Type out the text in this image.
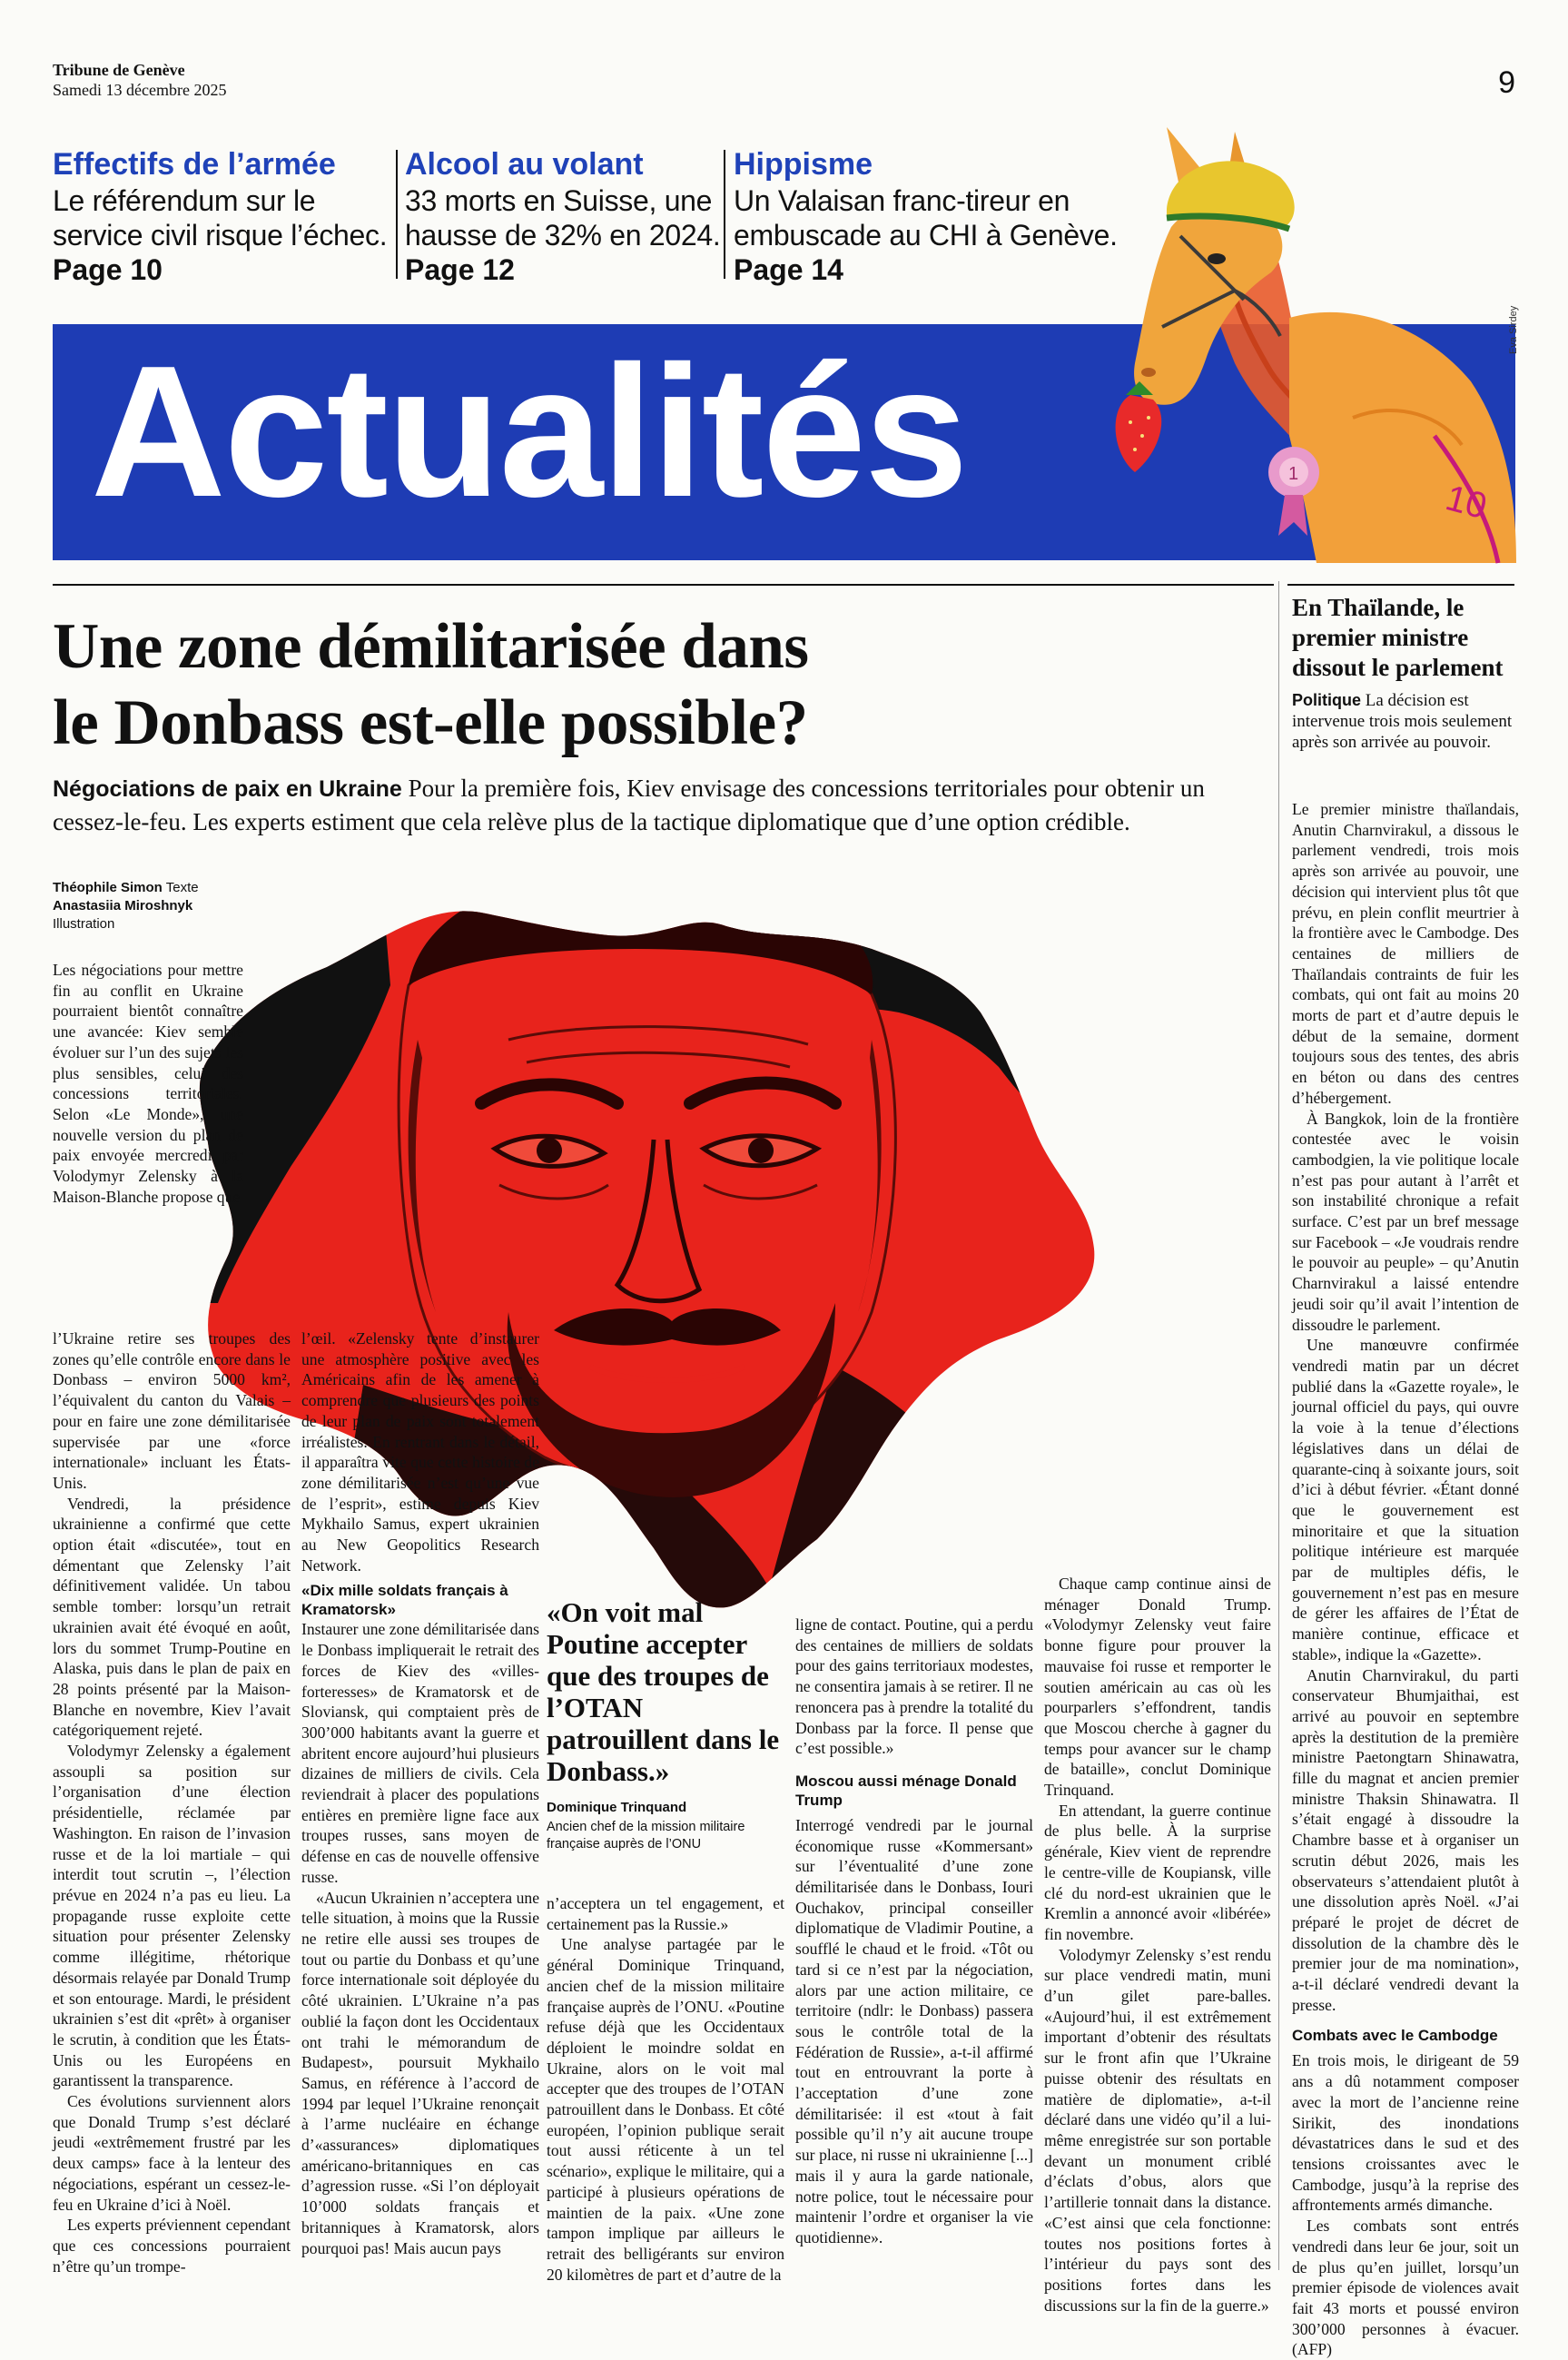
Tribune de Genève
Samedi 13 décembre 2025	9
Effectifs de l’armée
Le référendum sur le service civil risque l’échec.
Page 10
Alcool au volant
33 morts en Suisse, une hausse de 32% en 2024.
Page 12
Hippisme
Un Valaisan franc-tireur en embuscade au CHI à Genève.
Page 14
Actualités	1
10
Eva Sirdey
Une zone démilitarisée dans
le Donbass est-elle possible?
Négociations de paix en Ukraine Pour la première fois, Kiev envisage des concessions territoriales pour obtenir un cessez-le-feu. Les experts estiment que cela relève plus de la tactique diplomatique que d’une option crédible.
Théophile Simon Texte
Anastasiia Miroshnyk
Illustration

Les négociations pour mettre fin au conflit en Ukraine pourraient bientôt connaître une avancée: Kiev semble évoluer sur l’un des sujets les plus sensibles, celui des concessions territoriales. Selon «Le Monde», une nouvelle version du plan de paix envoyée mercredi par Volodymyr Zelensky à la Maison-Blanche propose que

l’Ukraine retire ses troupes des zones qu’elle contrôle encore dans le Donbass – environ 5000 km², l’équivalent du canton du Valais – pour en faire une zone démilitarisée supervisée par une «force internationale» incluant les États-Unis.

Vendredi, la présidence ukrainienne a confirmé que cette option était «discutée», tout en démentant que Zelensky l’ait définitivement validée. Un tabou semble tomber: lorsqu’un retrait ukrainien avait été évoqué en août, lors du sommet Trump-Poutine en Alaska, puis dans le plan de paix en 28 points présenté par la Maison-Blanche en novembre, Kiev l’avait catégoriquement rejeté.

Volodymyr Zelensky a également assoupli sa position sur l’organisation d’une élection présidentielle, réclamée par Washington. En raison de l’invasion russe et de la loi martiale – qui interdit tout scrutin –, l’élection prévue en 2024 n’a pas eu lieu. La propagande russe exploite cette situation pour présenter Zelensky comme illégitime, rhétorique désormais relayée par Donald Trump et son entourage. Mardi, le président ukrainien s’est dit «prêt» à organiser le scrutin, à condition que les États-Unis ou les Européens en garantissent la transparence.

Ces évolutions surviennent alors que Donald Trump s’est déclaré jeudi «extrêmement frustré par les deux camps» face à la lenteur des négociations, espérant un cessez-le-feu en Ukraine d’ici à Noël.

Les experts préviennent cependant que ces concessions pourraient n’être qu’un trompe-

l’œil. «Zelensky tente d’instaurer une atmosphère positive avec les Américains afin de les amener à comprendre que plusieurs des points de leur plan de paix sont totalement irréalistes. En rentrant dans le détail, il apparaîtra vite que cette histoire de zone démilitarisée n’est qu’une vue de l’esprit», estime depuis Kiev Mykhailo Samus, expert ukrainien au New Geopolitics Research Network.

«Dix mille soldats français à Kramatorsk»

Instaurer une zone démilitarisée dans le Donbass impliquerait le retrait des forces de Kiev des «villes-forteresses» de Kramatorsk et de Sloviansk, qui comptaient près de 300’000 habitants avant la guerre et abritent encore aujourd’hui plusieurs dizaines de milliers de civils. Cela reviendrait à placer des populations entières en première ligne face aux troupes russes, sans moyen de défense en cas de nouvelle offensive russe.

«Aucun Ukrainien n’acceptera une telle situation, à moins que la Russie ne retire elle aussi ses troupes de tout ou partie du Donbass et qu’une force internationale soit déployée du côté ukrainien. L’Ukraine n’a pas oublié la façon dont les Occidentaux ont trahi le mémorandum de Budapest», poursuit Mykhailo Samus, en référence à l’accord de 1994 par lequel l’Ukraine renonçait à l’arme nucléaire en échange d’«assurances» diplomatiques américano-britanniques en cas d’agression russe. «Si l’on déployait 10’000 soldats français et britanniques à Kramatorsk, alors pourquoi pas! Mais aucun pays

«On voit mal Poutine accepter que des troupes de l’OTAN patrouillent dans le Donbass.»
Dominique Trinquand
Ancien chef de la mission militaire française auprès de l’ONU

n’acceptera un tel engagement, et certainement pas la Russie.»

Une analyse partagée par le général Dominique Trinquand, ancien chef de la mission militaire française auprès de l’ONU. «Poutine refuse déjà que les Occidentaux déploient le moindre soldat en Ukraine, alors on le voit mal accepter que des troupes de l’OTAN patrouillent dans le Donbass. Et côté européen, l’opinion publique serait tout aussi réticente à un tel scénario», explique le militaire, qui a participé à plusieurs opérations de maintien de la paix. «Une zone tampon implique par ailleurs le retrait des belligérants sur environ 20 kilomètres de part et d’autre de la

ligne de contact. Poutine, qui a perdu des centaines de milliers de soldats pour des gains territoriaux modestes, ne consentira jamais à se retirer. Il ne renoncera pas à prendre la totalité du Donbass par la force. Il pense que c’est possible.»

Moscou aussi ménage Donald Trump

Interrogé vendredi par le journal économique russe «Kommersant» sur l’éventualité d’une zone démilitarisée dans le Donbass, Iouri Ouchakov, principal conseiller diplomatique de Vladimir Poutine, a soufflé le chaud et le froid. «Tôt ou tard si ce n’est par la négociation, alors par une action militaire, ce territoire (ndlr: le Donbass) passera sous le contrôle total de la Fédération de Russie», a-t-il affirmé tout en entrouvrant la porte à l’acceptation d’une zone démilitarisée: il est «tout à fait possible qu’il n’y ait aucune troupe sur place, ni russe ni ukrainienne [...] mais il y aura la garde nationale, notre police, tout le nécessaire pour maintenir l’ordre et organiser la vie quotidienne».

Chaque camp continue ainsi de ménager Donald Trump. «Volodymyr Zelensky veut faire bonne figure pour prouver la mauvaise foi russe et remporter le soutien américain au cas où les pourparlers s’effondrent, tandis que Moscou cherche à gagner du temps pour avancer sur le champ de bataille», conclut Dominique Trinquand.

En attendant, la guerre continue de plus belle. À la surprise générale, Kiev vient de reprendre le centre-ville de Koupiansk, ville clé du nord-est ukrainien que le Kremlin a annoncé avoir «libérée» fin novembre.

Volodymyr Zelensky s’est rendu sur place vendredi matin, muni d’un gilet pare-balles. «Aujourd’hui, il est extrêmement important d’obtenir des résultats sur le front afin que l’Ukraine puisse obtenir des résultats en matière de diplomatie», a-t-il déclaré dans une vidéo qu’il a lui-même enregistrée sur son portable devant un monument criblé d’éclats d’obus, alors que l’artillerie tonnait dans la distance. «C’est ainsi que cela fonctionne: toutes nos positions fortes à l’intérieur du pays sont des positions fortes dans les discussions sur la fin de la guerre.»

En Thaïlande, le premier ministre dissout le parlement
Politique La décision est intervenue trois mois seulement après son arrivée au pouvoir.

Le premier ministre thaïlandais, Anutin Charnvirakul, a dissous le parlement vendredi, trois mois après son arrivée au pouvoir, une décision qui intervient plus tôt que prévu, en plein conflit meurtrier à la frontière avec le Cambodge. Des centaines de milliers de Thaïlandais contraints de fuir les combats, qui ont fait au moins 20 morts de part et d’autre depuis le début de la semaine, dorment toujours sous des tentes, des abris en béton ou dans des centres d’hébergement.

À Bangkok, loin de la frontière contestée avec le voisin cambodgien, la vie politique locale n’est pas pour autant à l’arrêt et son instabilité chronique a refait surface. C’est par un bref message sur Facebook – «Je voudrais rendre le pouvoir au peuple» – qu’Anutin Charnvirakul a laissé entendre jeudi soir qu’il avait l’intention de dissoudre le parlement.

Une manœuvre confirmée vendredi matin par un décret publié dans la «Gazette royale», le journal officiel du pays, qui ouvre la voie à la tenue d’élections législatives dans un délai de quarante-cinq à soixante jours, soit d’ici à début février. «Étant donné que le gouvernement est minoritaire et que la situation politique intérieure est marquée par de multiples défis, le gouvernement n’est pas en mesure de gérer les affaires de l’État de manière continue, efficace et stable», indique la «Gazette».

Anutin Charnvirakul, du parti conservateur Bhumjaithai, est arrivé au pouvoir en septembre après la destitution de la première ministre Paetongtarn Shinawatra, fille du magnat et ancien premier ministre Thaksin Shinawatra. Il s’était engagé à dissoudre la Chambre basse et à organiser un scrutin début 2026, mais les observateurs s’attendaient plutôt à une dissolution après Noël. «J’ai préparé le projet de décret de dissolution de la chambre dès le premier jour de ma nomination», a-t-il déclaré vendredi devant la presse.

Combats avec le Cambodge

En trois mois, le dirigeant de 59 ans a dû notamment composer avec la mort de l’ancienne reine Sirikit, des inondations dévastatrices dans le sud et des tensions croissantes avec le Cambodge, jusqu’à la reprise des affrontements armés dimanche.

Les combats sont entrés vendredi dans leur 6e jour, soit un de plus qu’en juillet, lorsqu’un premier épisode de violences avait fait 43 morts et poussé environ 300’000 personnes à évacuer. (AFP)
